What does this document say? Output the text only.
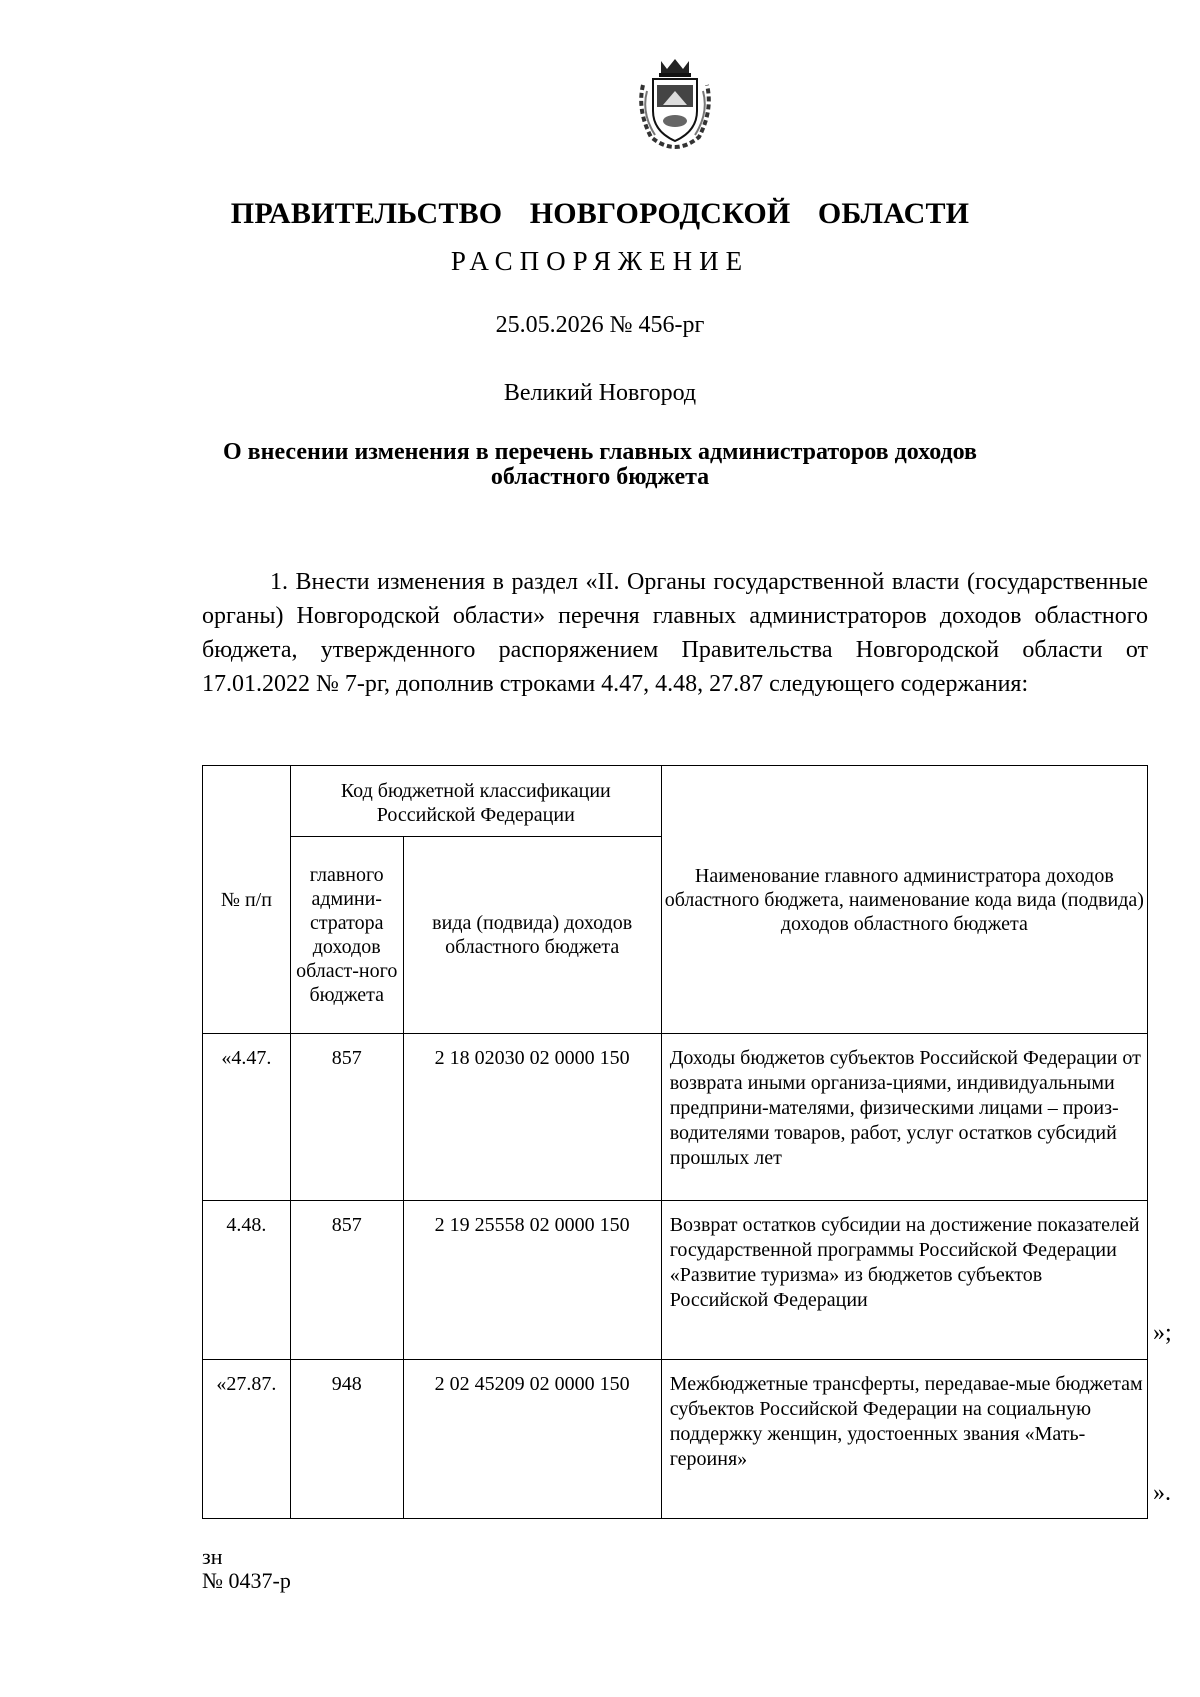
ПРАВИТЕЛЬСТВО  НОВГОРОДСКОЙ  ОБЛАСТИ
РАСПОРЯЖЕНИЕ
25.05.2026 № 456-рг
Великий Новгород
О внесении изменения в перечень главных администраторов доходов
областного бюджета
1. Внести изменения в раздел «II. Органы государственной власти (государственные органы) Новгородской области» перечня главных администраторов доходов областного бюджета, утвержденного распоряжением Правительства Новгородской области от 17.01.2022 № 7-рг, дополнив строками 4.47, 4.48, 27.87 следующего содержания:
№ п/п	Код бюджетной классификации Российской Федерации		Наименование главного администратора доходов областного бюджета, наименование кода вида (подвида) доходов областного бюджета
	главного админи-стратора доходов област-ного бюджета	вида (подвида) доходов областного бюджета	
«4.47.	857	2 18 02030 02 0000 150	Доходы бюджетов субъектов Российской Федерации от возврата иными организа-циями, индивидуальными предприни-мателями, физическими лицами – произ-водителями товаров, работ, услуг остатков субсидий прошлых лет
4.48.	857	2 19 25558 02 0000 150	Возврат остатков субсидии на достижение показателей государственной программы Российской Федерации «Развитие туризма» из бюджетов субъектов Российской Федерации
«27.87.	948	2 02 45209 02 0000 150	Межбюджетные трансферты, передавае-мые бюджетам субъектов Российской Федерации на социальную поддержку женщин, удостоенных звания «Мать-героиня»
»;
».
зн
№ 0437-р
